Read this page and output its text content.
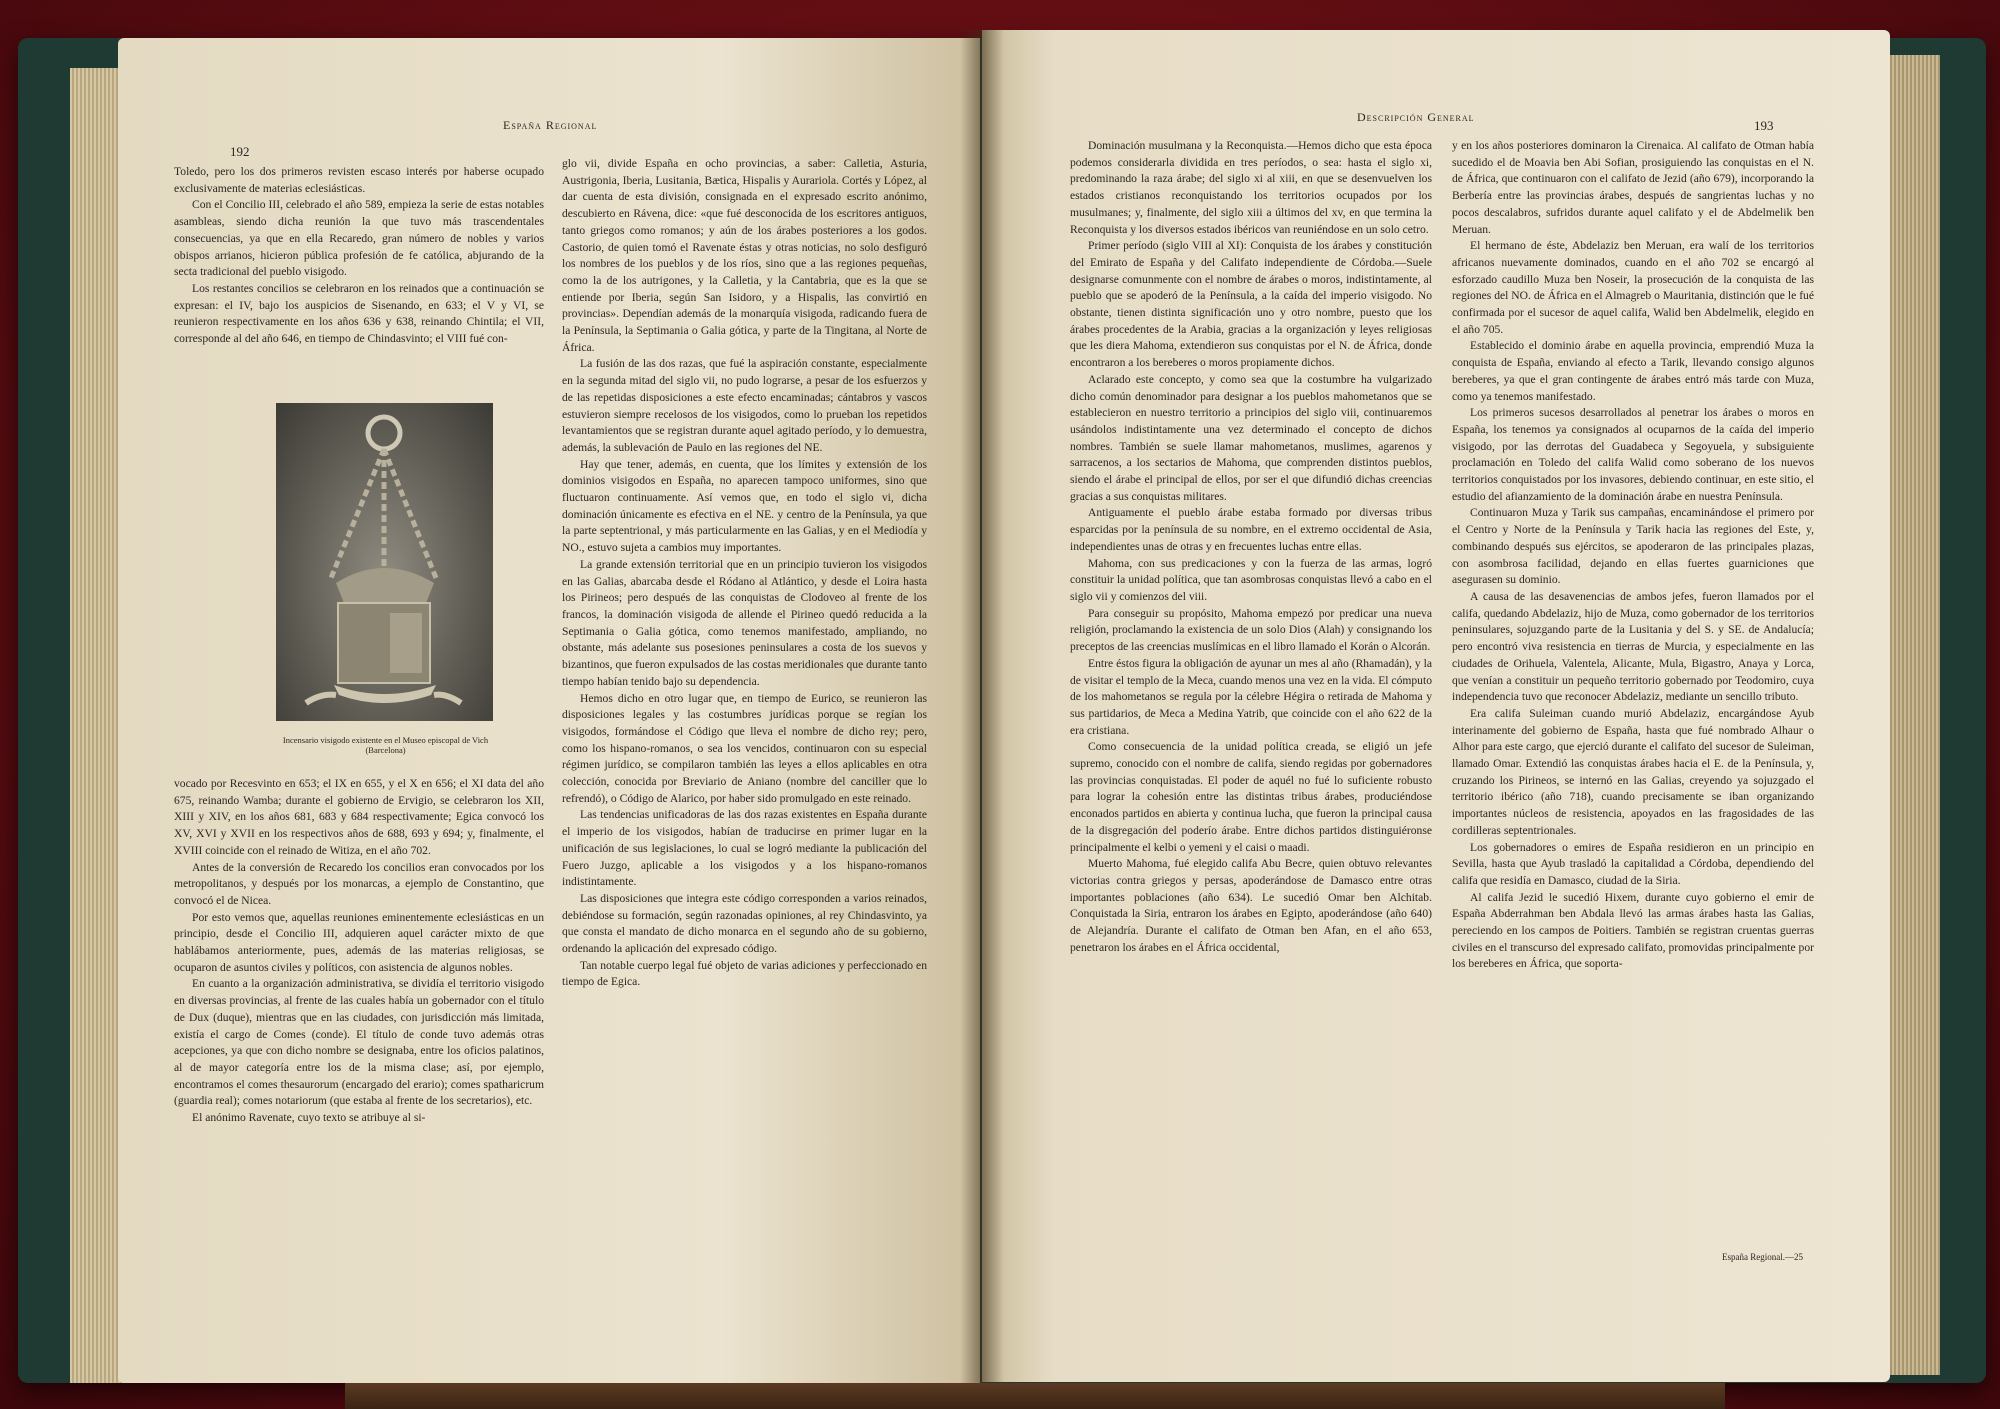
192
España Regional

Toledo, pero los dos primeros revisten escaso interés por haberse ocupado exclusivamente de materias eclesiásticas.

Con el Concilio III, celebrado el año 589, empieza la serie de estas notables asambleas, siendo dicha reunión la que tuvo más trascendentales consecuencias, ya que en ella Recaredo, gran número de nobles y varios obispos arrianos, hicieron pública profesión de fe católica, abjurando de la secta tradicional del pueblo visigodo.

Los restantes concilios se celebraron en los reinados que a continuación se expresan: el IV, bajo los auspicios de Sisenando, en 633; el V y VI, se reunieron respectivamente en los años 636 y 638, reinando Chintila; el VII, corresponde al del año 646, en tiempo de Chindasvinto; el VIII fué con-

Incensario visigodo existente en el Museo episcopal de Vich (Barcelona)

vocado por Recesvinto en 653; el IX en 655, y el X en 656; el XI data del año 675, reinando Wamba; durante el gobierno de Ervigio, se celebraron los XII, XIII y XIV, en los años 681, 683 y 684 respectivamente; Egica convocó los XV, XVI y XVII en los respectivos años de 688, 693 y 694; y, finalmente, el XVIII coincide con el reinado de Witiza, en el año 702.

Antes de la conversión de Recaredo los concilios eran convocados por los metropolitanos, y después por los monarcas, a ejemplo de Constantino, que convocó el de Nicea.

Por esto vemos que, aquellas reuniones eminentemente eclesiásticas en un principio, desde el Concilio III, adquieren aquel carácter mixto de que hablábamos anteriormente, pues, además de las materias religiosas, se ocuparon de asuntos civiles y políticos, con asistencia de algunos nobles.

En cuanto a la organización administrativa, se dividía el territorio visigodo en diversas provincias, al frente de las cuales había un gobernador con el título de Dux (duque), mientras que en las ciudades, con jurisdicción más limitada, existía el cargo de Comes (conde). El título de conde tuvo además otras acepciones, ya que con dicho nombre se designaba, entre los oficios palatinos, al de mayor categoría entre los de la misma clase; así, por ejemplo, encontramos el comes thesaurorum (encargado del erario); comes spatharicrum (guardia real); comes notariorum (que estaba al frente de los secretarios), etc.

El anónimo Ravenate, cuyo texto se atribuye al si-

glo vii, divide España en ocho provincias, a saber: Calletia, Asturia, Austrigonia, Iberia, Lusitania, Bætica, Hispalis y Aurariola. Cortés y López, al dar cuenta de esta división, consignada en el expresado escrito anónimo, descubierto en Rávena, dice: «que fué desconocida de los escritores antiguos, tanto griegos como romanos; y aún de los árabes posteriores a los godos. Castorio, de quien tomó el Ravenate éstas y otras noticias, no solo desfiguró los nombres de los pueblos y de los ríos, sino que a las regiones pequeñas, como la de los autrigones, y la Calletia, y la Cantabria, que es la que se entiende por Iberia, según San Isidoro, y a Hispalis, las convirtió en provincias». Dependían además de la monarquía visigoda, radicando fuera de la Península, la Septimania o Galia gótica, y parte de la Tingitana, al Norte de África.

La fusión de las dos razas, que fué la aspiración constante, especialmente en la segunda mitad del siglo vii, no pudo lograrse, a pesar de los esfuerzos y de las repetidas disposiciones a este efecto encaminadas; cántabros y vascos estuvieron siempre recelosos de los visigodos, como lo prueban los repetidos levantamientos que se registran durante aquel agitado período, y lo demuestra, además, la sublevación de Paulo en las regiones del NE.

Hay que tener, además, en cuenta, que los límites y extensión de los dominios visigodos en España, no aparecen tampoco uniformes, sino que fluctuaron continuamente. Así vemos que, en todo el siglo vi, dicha dominación únicamente es efectiva en el NE. y centro de la Península, ya que la parte septentrional, y más particularmente en las Galias, y en el Mediodía y NO., estuvo sujeta a cambios muy importantes.

La grande extensión territorial que en un principio tuvieron los visigodos en las Galias, abarcaba desde el Ródano al Atlántico, y desde el Loira hasta los Pirineos; pero después de las conquistas de Clodoveo al frente de los francos, la dominación visigoda de allende el Pirineo quedó reducida a la Septimania o Galia gótica, como tenemos manifestado, ampliando, no obstante, más adelante sus posesiones peninsulares a costa de los suevos y bizantinos, que fueron expulsados de las costas meridionales que durante tanto tiempo habían tenido bajo su dependencia.

Hemos dicho en otro lugar que, en tiempo de Eurico, se reunieron las disposiciones legales y las costumbres jurídicas porque se regían los visigodos, formándose el Código que lleva el nombre de dicho rey; pero, como los hispano-romanos, o sea los vencidos, continuaron con su especial régimen jurídico, se compilaron también las leyes a ellos aplicables en otra colección, conocida por Breviario de Aniano (nombre del canciller que lo refrendó), o Código de Alarico, por haber sido promulgado en este reinado.

Las tendencias unificadoras de las dos razas existentes en España durante el imperio de los visigodos, habían de traducirse en primer lugar en la unificación de sus legislaciones, lo cual se logró mediante la publicación del Fuero Juzgo, aplicable a los visigodos y a los hispano-romanos indistintamente.

Las disposiciones que integra este código corresponden a varios reinados, debiéndose su formación, según razonadas opiniones, al rey Chindasvinto, ya que consta el mandato de dicho monarca en el segundo año de su gobierno, ordenando la aplicación del expresado código.

Tan notable cuerpo legal fué objeto de varias adiciones y perfeccionado en tiempo de Egica.

Descripción General
193

Dominación musulmana y la Reconquista.—Hemos dicho que esta época podemos considerarla dividida en tres períodos, o sea: hasta el siglo xi, predominando la raza árabe; del siglo xi al xiii, en que se desenvuelven los estados cristianos reconquistando los territorios ocupados por los musulmanes; y, finalmente, del siglo xiii a últimos del xv, en que termina la Reconquista y los diversos estados ibéricos van reuniéndose en un solo cetro.

Primer período (siglo VIII al XI): Conquista de los árabes y constitución del Emirato de España y del Califato independiente de Córdoba.—Suele designarse comunmente con el nombre de árabes o moros, indistintamente, al pueblo que se apoderó de la Península, a la caída del imperio visigodo. No obstante, tienen distinta significación uno y otro nombre, puesto que los árabes procedentes de la Arabia, gracias a la organización y leyes religiosas que les diera Mahoma, extendieron sus conquistas por el N. de África, donde encontraron a los bereberes o moros propiamente dichos.

Aclarado este concepto, y como sea que la costumbre ha vulgarizado dicho común denominador para designar a los pueblos mahometanos que se establecieron en nuestro territorio a principios del siglo viii, continuaremos usándolos indistintamente una vez determinado el concepto de dichos nombres. También se suele llamar mahometanos, muslimes, agarenos y sarracenos, a los sectarios de Mahoma, que comprenden distintos pueblos, siendo el árabe el principal de ellos, por ser el que difundió dichas creencias gracias a sus conquistas militares.

Antiguamente el pueblo árabe estaba formado por diversas tribus esparcidas por la península de su nombre, en el extremo occidental de Asia, independientes unas de otras y en frecuentes luchas entre ellas.

Mahoma, con sus predicaciones y con la fuerza de las armas, logró constituir la unidad política, que tan asombrosas conquistas llevó a cabo en el siglo vii y comienzos del viii.

Para conseguir su propósito, Mahoma empezó por predicar una nueva religión, proclamando la existencia de un solo Dios (Alah) y consignando los preceptos de las creencias muslímicas en el libro llamado el Korán o Alcorán.

Entre éstos figura la obligación de ayunar un mes al año (Rhamadán), y la de visitar el templo de la Meca, cuando menos una vez en la vida. El cómputo de los mahometanos se regula por la célebre Hégira o retirada de Mahoma y sus partidarios, de Meca a Medina Yatrib, que coincide con el año 622 de la era cristiana.

Como consecuencia de la unidad política creada, se eligió un jefe supremo, conocido con el nombre de califa, siendo regidas por gobernadores las provincias conquistadas. El poder de aquél no fué lo suficiente robusto para lograr la cohesión entre las distintas tribus árabes, produciéndose enconados partidos en abierta y continua lucha, que fueron la principal causa de la disgregación del poderío árabe. Entre dichos partidos distinguiéronse principalmente el kelbi o yemeni y el caisi o maadi.

Muerto Mahoma, fué elegido califa Abu Becre, quien obtuvo relevantes victorias contra griegos y persas, apoderándose de Damasco entre otras importantes poblaciones (año 634). Le sucedió Omar ben Alchitab. Conquistada la Siria, entraron los árabes en Egipto, apoderándose (año 640) de Alejandría. Durante el califato de Otman ben Afan, en el año 653, penetraron los árabes en el África occidental,

y en los años posteriores dominaron la Cirenaica. Al califato de Otman había sucedido el de Moavia ben Abi Sofian, prosiguiendo las conquistas en el N. de África, que continuaron con el califato de Jezid (año 679), incorporando la Berbería entre las provincias árabes, después de sangrientas luchas y no pocos descalabros, sufridos durante aquel califato y el de Abdelmelik ben Meruan.

El hermano de éste, Abdelaziz ben Meruan, era walí de los territorios africanos nuevamente dominados, cuando en el año 702 se encargó al esforzado caudillo Muza ben Noseir, la prosecución de la conquista de las regiones del NO. de África en el Almagreb o Mauritania, distinción que le fué confirmada por el sucesor de aquel califa, Walid ben Abdelmelik, elegido en el año 705.

Establecido el dominio árabe en aquella provincia, emprendió Muza la conquista de España, enviando al efecto a Tarik, llevando consigo algunos bereberes, ya que el gran contingente de árabes entró más tarde con Muza, como ya tenemos manifestado.

Los primeros sucesos desarrollados al penetrar los árabes o moros en España, los tenemos ya consignados al ocuparnos de la caída del imperio visigodo, por las derrotas del Guadabeca y Segoyuela, y subsiguiente proclamación en Toledo del califa Walid como soberano de los nuevos territorios conquistados por los invasores, debiendo continuar, en este sitio, el estudio del afianzamiento de la dominación árabe en nuestra Península.

Continuaron Muza y Tarik sus campañas, encaminándose el primero por el Centro y Norte de la Península y Tarik hacia las regiones del Este, y, combinando después sus ejércitos, se apoderaron de las principales plazas, con asombrosa facilidad, dejando en ellas fuertes guarniciones que asegurasen su dominio.

A causa de las desavenencias de ambos jefes, fueron llamados por el califa, quedando Abdelaziz, hijo de Muza, como gobernador de los territorios peninsulares, sojuzgando parte de la Lusitania y del S. y SE. de Andalucía; pero encontró viva resistencia en tierras de Murcia, y especialmente en las ciudades de Orihuela, Valentela, Alicante, Mula, Bigastro, Anaya y Lorca, que venían a constituir un pequeño territorio gobernado por Teodomiro, cuya independencia tuvo que reconocer Abdelaziz, mediante un sencillo tributo.

Era califa Suleiman cuando murió Abdelaziz, encargándose Ayub interinamente del gobierno de España, hasta que fué nombrado Alhaur o Alhor para este cargo, que ejerció durante el califato del sucesor de Suleiman, llamado Omar. Extendió las conquistas árabes hacia el E. de la Península, y, cruzando los Pirineos, se internó en las Galias, creyendo ya sojuzgado el territorio ibérico (año 718), cuando precisamente se iban organizando importantes núcleos de resistencia, apoyados en las fragosidades de las cordilleras septentrionales.

Los gobernadores o emires de España residieron en un principio en Sevilla, hasta que Ayub trasladó la capitalidad a Córdoba, dependiendo del califa que residía en Damasco, ciudad de la Siria.

Al califa Jezid le sucedió Hixem, durante cuyo gobierno el emir de España Abderrahman ben Abdala llevó las armas árabes hasta las Galias, pereciendo en los campos de Poitiers. También se registran cruentas guerras civiles en el transcurso del expresado califato, promovidas principalmente por los bereberes en África, que soporta-

España Regional.—25
